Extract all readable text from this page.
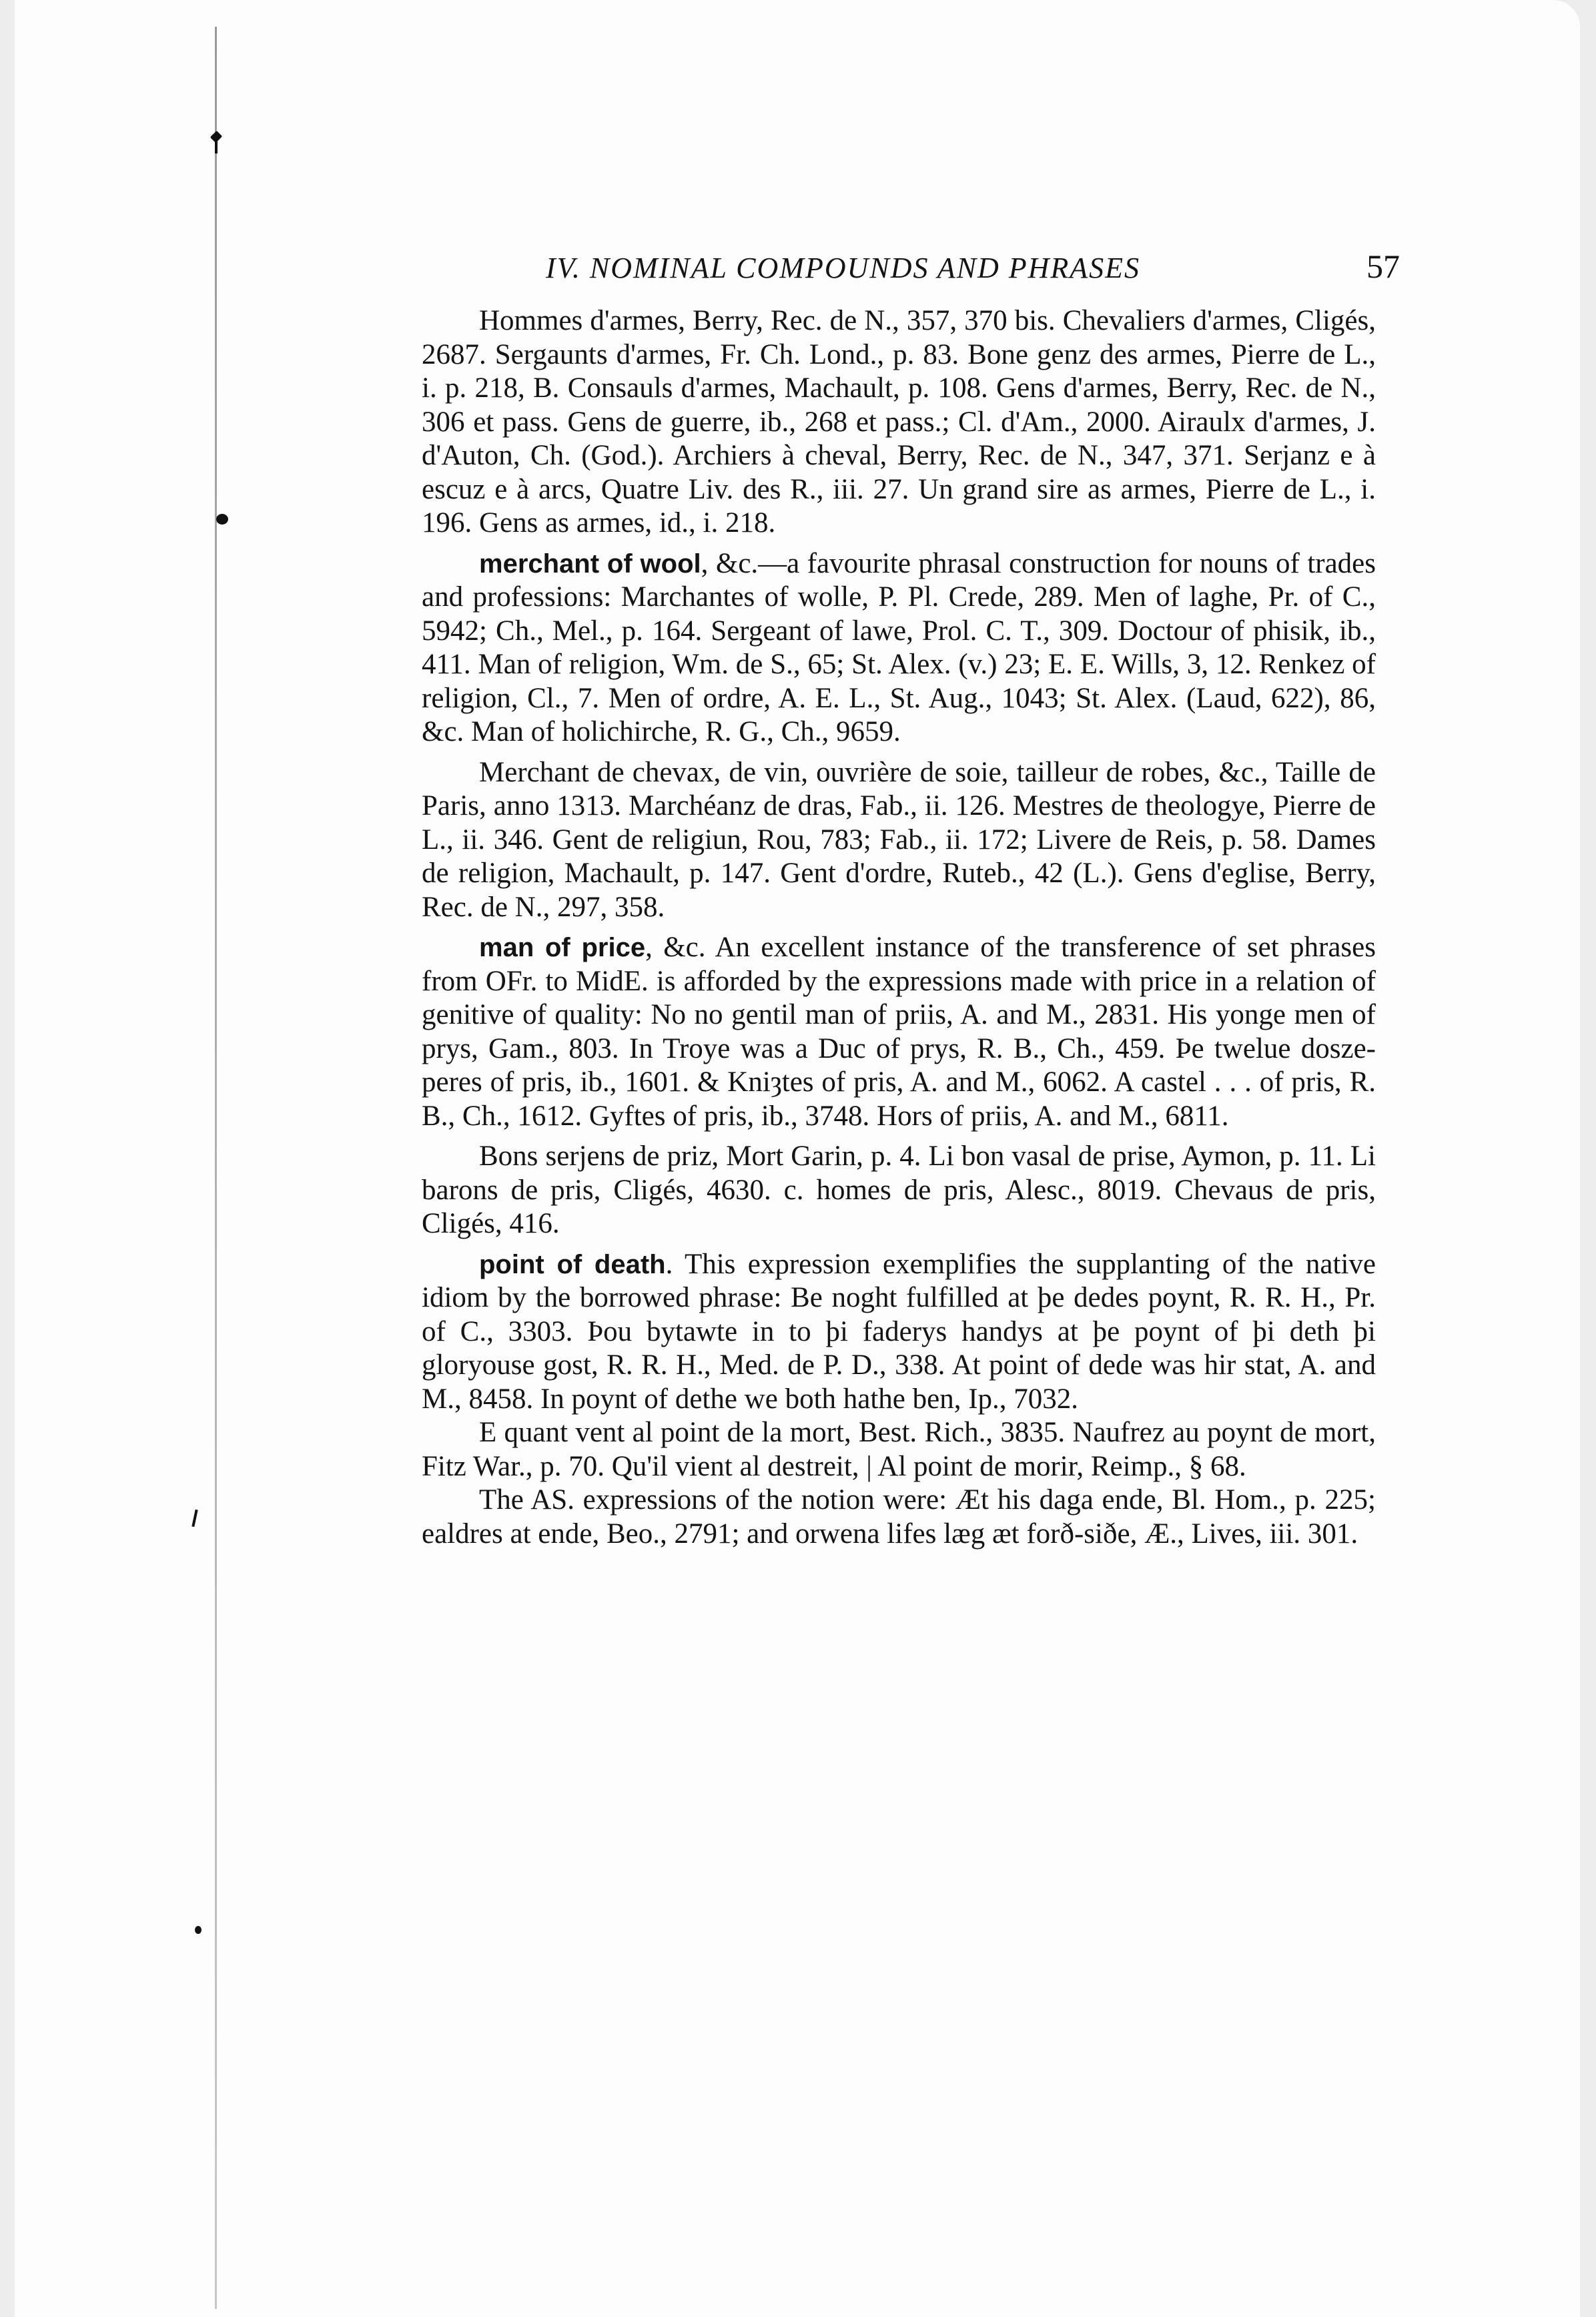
IV. NOMINAL COMPOUNDS AND PHRASES	57

Hommes d'armes, Berry, Rec. de N., 357, 370 bis. Chevaliers d'armes, Cligés, 2687. Sergaunts d'armes, Fr. Ch. Lond., p. 83. Bone genz des armes, Pierre de L., i. p. 218, B. Consauls d'armes, Machault, p. 108. Gens d'armes, Berry, Rec. de N., 306 et pass. Gens de guerre, ib., 268 et pass.; Cl. d'Am., 2000. Airaulx d'armes, J. d'Auton, Ch. (God.). Archiers à cheval, Berry, Rec. de N., 347, 371. Serjanz e à escuz e à arcs, Quatre Liv. des R., iii. 27. Un grand sire as armes, Pierre de L., i. 196. Gens as armes, id., i. 218.

merchant of wool, &c.—a favourite phrasal construction for nouns of trades and professions: Marchantes of wolle, P. Pl. Crede, 289. Men of laghe, Pr. of C., 5942; Ch., Mel., p. 164. Sergeant of lawe, Prol. C. T., 309. Doctour of phisik, ib., 411. Man of religion, Wm. de S., 65; St. Alex. (v.) 23; E. E. Wills, 3, 12. Renkez of religion, Cl., 7. Men of ordre, A. E. L., St. Aug., 1043; St. Alex. (Laud, 622), 86, &c. Man of holichirche, R. G., Ch., 9659.

Merchant de chevax, de vin, ouvrière de soie, tailleur de robes, &c., Taille de Paris, anno 1313. Marchéanz de dras, Fab., ii. 126. Mestres de theologye, Pierre de L., ii. 346. Gent de religiun, Rou, 783; Fab., ii. 172; Livere de Reis, p. 58. Dames de religion, Machault, p. 147. Gent d'ordre, Ruteb., 42 (L.). Gens d'eglise, Berry, Rec. de N., 297, 358.

man of price, &c. An excellent instance of the transference of set phrases from OFr. to MidE. is afforded by the expressions made with price in a relation of genitive of quality: No no gentil man of priis, A. and M., 2831. His yonge men of prys, Gam., 803. In Troye was a Duc of prys, R. B., Ch., 459. Þe twelue dosze-peres of pris, ib., 1601. & Kniȝtes of pris, A. and M., 6062. A castel . . . of pris, R. B., Ch., 1612. Gyftes of pris, ib., 3748. Hors of priis, A. and M., 6811.

Bons serjens de priz, Mort Garin, p. 4. Li bon vasal de prise, Aymon, p. 11. Li barons de pris, Cligés, 4630. c. homes de pris, Alesc., 8019. Chevaus de pris, Cligés, 416.

point of death. This expression exemplifies the supplanting of the native idiom by the borrowed phrase: Be noght fulfilled at þe dedes poynt, R. R. H., Pr. of C., 3303. Þou bytawte in to þi faderys handys at þe poynt of þi deth þi gloryouse gost, R. R. H., Med. de P. D., 338. At point of dede was hir stat, A. and M., 8458. In poynt of dethe we both hathe ben, Ip., 7032.

E quant vent al point de la mort, Best. Rich., 3835. Naufrez au poynt de mort, Fitz War., p. 70. Qu'il vient al destreit, | Al point de morir, Reimp., § 68.

The AS. expressions of the notion were: Æt his daga ende, Bl. Hom., p. 225; ealdres at ende, Beo., 2791; and orwena lifes læg æt forð-siðe, Æ., Lives, iii. 301.
